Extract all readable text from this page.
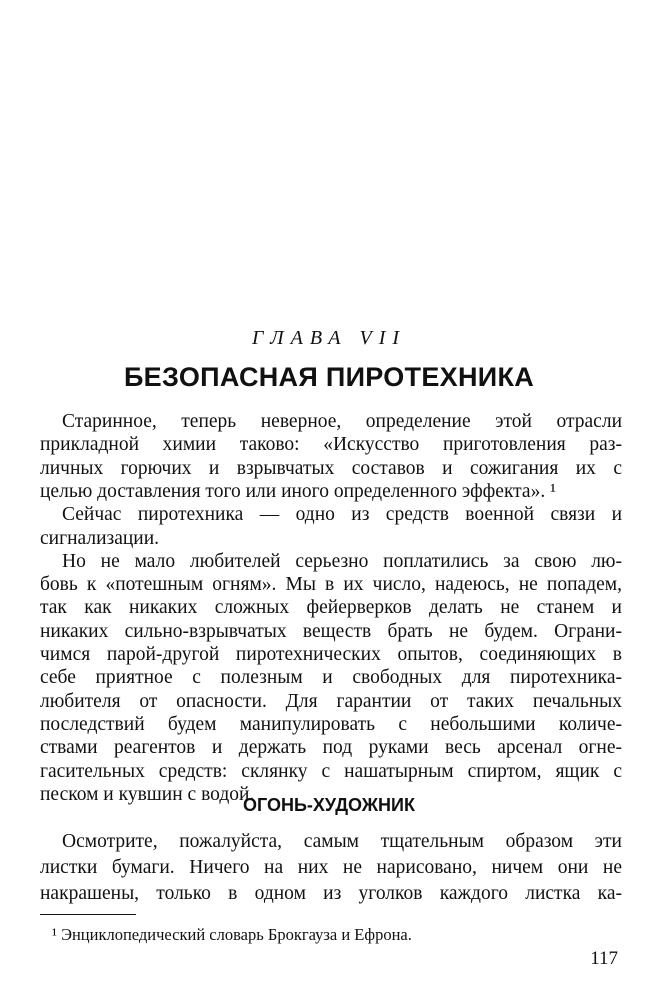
ГЛАВА VII
БЕЗОПАСНАЯ ПИРОТЕХНИКА
ОГОНЬ-ХУДОЖНИК
¹ Энциклопедический словарь Брокгауза и Ефрона.
117
Старинное, теперь неверное, определение этой отрасли
прикладной химии таково: «Искусство приготовления раз-
личных горючих и взрывчатых составов и сожигания их с
целью доставления того или иного определенного эффекта». ¹
Сейчас пиротехника — одно из средств военной связи и
сигнализации.
Но не мало любителей серьезно поплатились за свою лю-
бовь к «потешным огням». Мы в их число, надеюсь, не попадем,
так как никаких сложных фейерверков делать не станем и
никаких сильно-взрывчатых веществ брать не будем. Ограни-
чимся парой-другой пиротехнических опытов, соединяющих в
себе приятное с полезным и свободных для пиротехника-
любителя от опасности. Для гарантии от таких печальных
последствий будем манипулировать с небольшими количе-
ствами реагентов и держать под руками весь арсенал огне-
гасительных средств: склянку с нашатырным спиртом, ящик с
песком и кувшин с водой.
Осмотрите, пожалуйста, самым тщательным образом эти
листки бумаги. Ничего на них не нарисовано, ничем они не
накрашены, только в одном из уголков каждого листка ка-
